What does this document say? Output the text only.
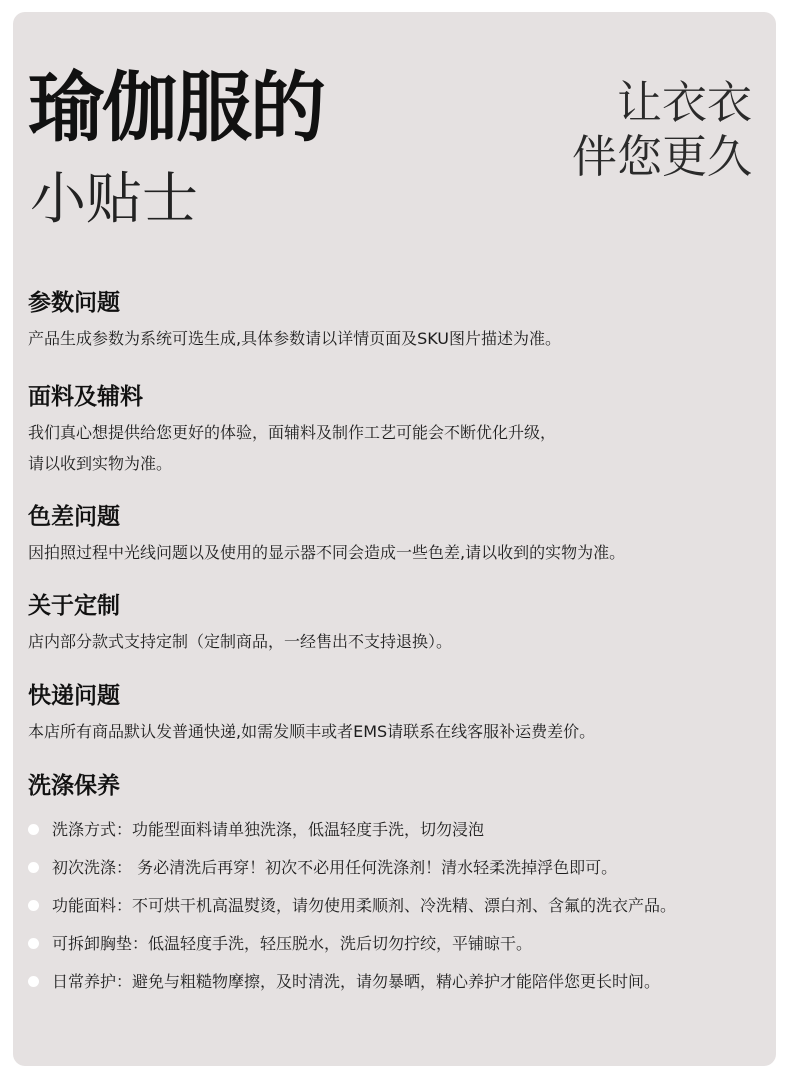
瑜伽服的
小贴士
让衣衣
伴您更久
参数问题
产品生成参数为系统可选生成,具体参数请以详情页面及SKU图片描述为准。
面料及辅料
我们真心想提供给您更好的体验，面辅料及制作工艺可能会不断优化升级，
请以收到实物为准。
色差问题
因拍照过程中光线问题以及使用的显示器不同会造成一些色差,请以收到的实物为准。
关于定制
店内部分款式支持定制（定制商品，一经售出不支持退换）。
快递问题
本店所有商品默认发普通快递,如需发顺丰或者EMS请联系在线客服补运费差价。
洗涤保养
洗涤方式：功能型面料请单独洗涤，低温轻度手洗，切勿浸泡
初次洗涤： 务必清洗后再穿！初次不必用任何洗涤剂！清水轻柔洗掉浮色即可。
功能面料：不可烘干机高温熨烫，请勿使用柔顺剂、冷洗精、漂白剂、含氟的洗衣产品。
可拆卸胸垫：低温轻度手洗，轻压脱水，洗后切勿拧绞，平铺晾干。
日常养护：避免与粗糙物摩擦，及时清洗，请勿暴晒，精心养护才能陪伴您更长时间。
